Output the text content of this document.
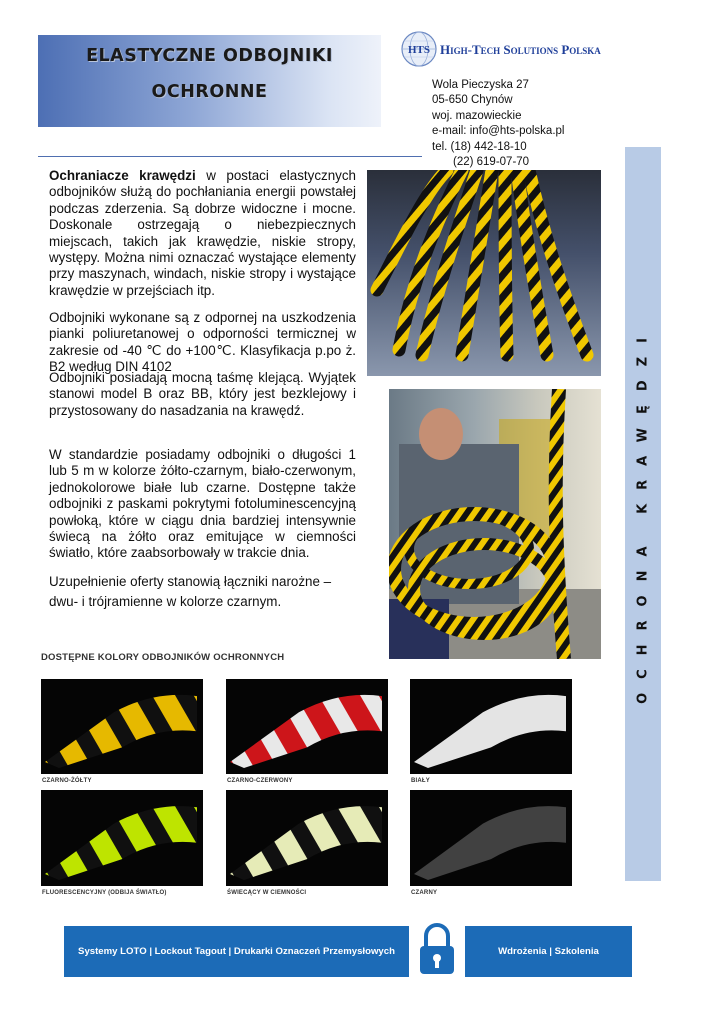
ELASTYCZNE ODBOJNIKI
OCHRONNE
HTS High-Tech Solutions Polska
Wola Pieczyska 27
05-650 Chynów
woj. mazowieckie
e-mail: info@hts-polska.pl
tel. (18) 442-18-10
(22) 619-07-70
OCHRONA KRAWĘDZI

Ochraniacze krawędzi w postaci elastycznych odbojników służą do pochłaniania energii powstałej podczas zderzenia. Są dobrze widoczne i mocne. Doskonale ostrzegają o niebezpiecznych miejscach, takich jak krawędzie, niskie stropy, występy. Można nimi oznaczać wystające elementy przy maszynach, windach, niskie stropy i wystające krawędzie w przejściach itp.

Odbojniki wykonane są z odpornej na uszkodzenia pianki poliuretanowej o odporności termicznej w zakresie od -40 ℃ do +100℃. Klasyfikacja p.po ż. B2 według DIN 4102

Odbojniki posiadają mocną taśmę klejącą. Wyjątek stanowi model B oraz BB, który jest bezklejowy i przystosowany do nasadzania na krawędź.

W standardzie posiadamy odbojniki o długości 1 lub 5 m w kolorze żółto-czarnym, biało-czerwonym, jednokolorowe białe lub czarne. Dostępne także odbojniki z paskami pokrytymi fotoluminescencyjną powłoką, które w ciągu dnia bardziej intensywnie świecą na żółto oraz emitujące w ciemności światło, które zaabsorbowały w trakcie dnia.

Uzupełnienie oferty stanowią łączniki narożne –

dwu- i trójramienne w kolorze czarnym.

DOSTĘPNE KOLORY ODBOJNIKÓW OCHRONNYCH
CZARNO-ŻÓŁTY	CZARNO-CZERWONY	BIAŁY
FLUORESCENCYJNY (ODBIJA ŚWIATŁO)	ŚWIECĄCY W CIEMNOŚCI	CZARNY
Systemy LOTO | Lockout Tagout | Drukarki Oznaczeń Przemysłowych	Wdrożenia | Szkolenia
